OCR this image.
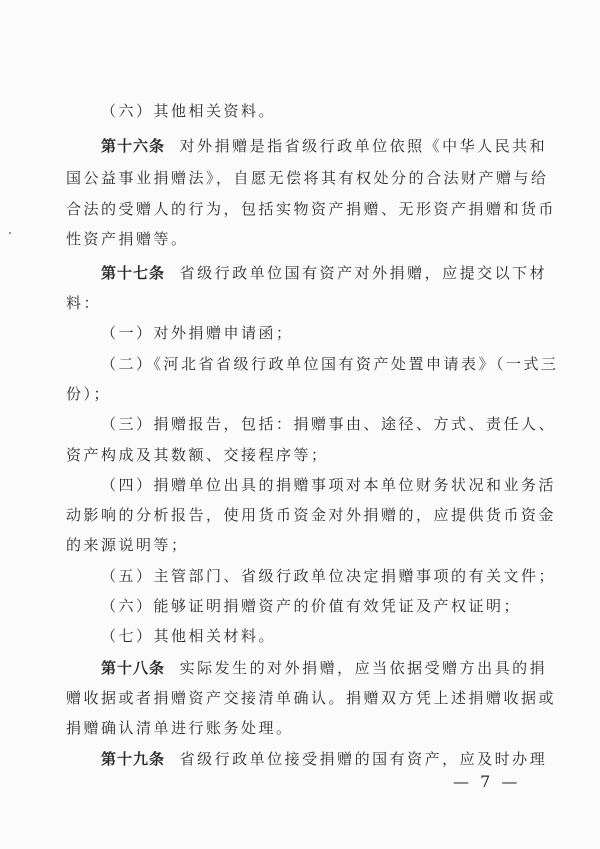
（六）其他相关资料。
第十六条 对外捐赠是指省级行政单位依照《中华人民共和
国公益事业捐赠法》，自愿无偿将其有权处分的合法财产赠与给
合法的受赠人的行为，包括实物资产捐赠、无形资产捐赠和货币
性资产捐赠等。
第十七条 省级行政单位国有资产对外捐赠，应提交以下材
料：
（一）对外捐赠申请函；
（二）《河北省省级行政单位国有资产处置申请表》（一式三
份）；
（三）捐赠报告，包括：捐赠事由、途径、方式、责任人、
资产构成及其数额、交接程序等；
（四）捐赠单位出具的捐赠事项对本单位财务状况和业务活
动影响的分析报告，使用货币资金对外捐赠的，应提供货币资金
的来源说明等；
（五）主管部门、省级行政单位决定捐赠事项的有关文件；
（六）能够证明捐赠资产的价值有效凭证及产权证明；
（七）其他相关材料。
第十八条 实际发生的对外捐赠，应当依据受赠方出具的捐
赠收据或者捐赠资产交接清单确认。捐赠双方凭上述捐赠收据或
捐赠确认清单进行账务处理。
第十九条 省级行政单位接受捐赠的国有资产，应及时办理
— 7 —
